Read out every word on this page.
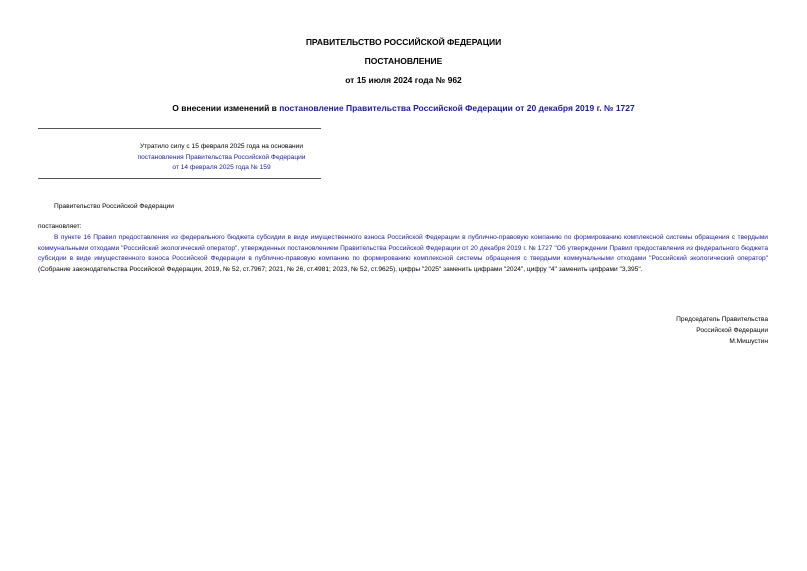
ПРАВИТЕЛЬСТВО РОССИЙСКОЙ ФЕДЕРАЦИИ
ПОСТАНОВЛЕНИЕ
от 15 июля 2024 года № 962
О внесении изменений в постановление Правительства Российской Федерации от 20 декабря 2019 г. № 1727
Утратило силу с 15 февраля 2025 года на основании
постановления Правительства Российской Федерации
от 14 февраля 2025 года № 159
Правительство Российской Федерации
постановляет:
В пункте 16 Правил предоставления из федерального бюджета субсидии в виде имущественного взноса Российской Федерации в публично-правовую компанию по формированию комплексной системы обращения с твердыми коммунальными отходами "Российский экологический оператор", утвержденных постановлением Правительства Российской Федерации от 20 декабря 2019 г. № 1727 "Об утверждении Правил предоставления из федерального бюджета субсидии в виде имущественного взноса Российской Федерации в публично-правовую компанию по формированию комплексной системы обращения с твердыми коммунальными отходами "Российский экологический оператор" (Собрание законодательства Российской Федерации, 2019, № 52, ст.7967; 2021, № 26, ст.4981; 2023, № 52, ст.9625), цифры "2025" заменить цифрами "2024", цифру "4" заменить цифрами "3,395".
Председатель Правительства
Российской Федерации
М.Мишустин
